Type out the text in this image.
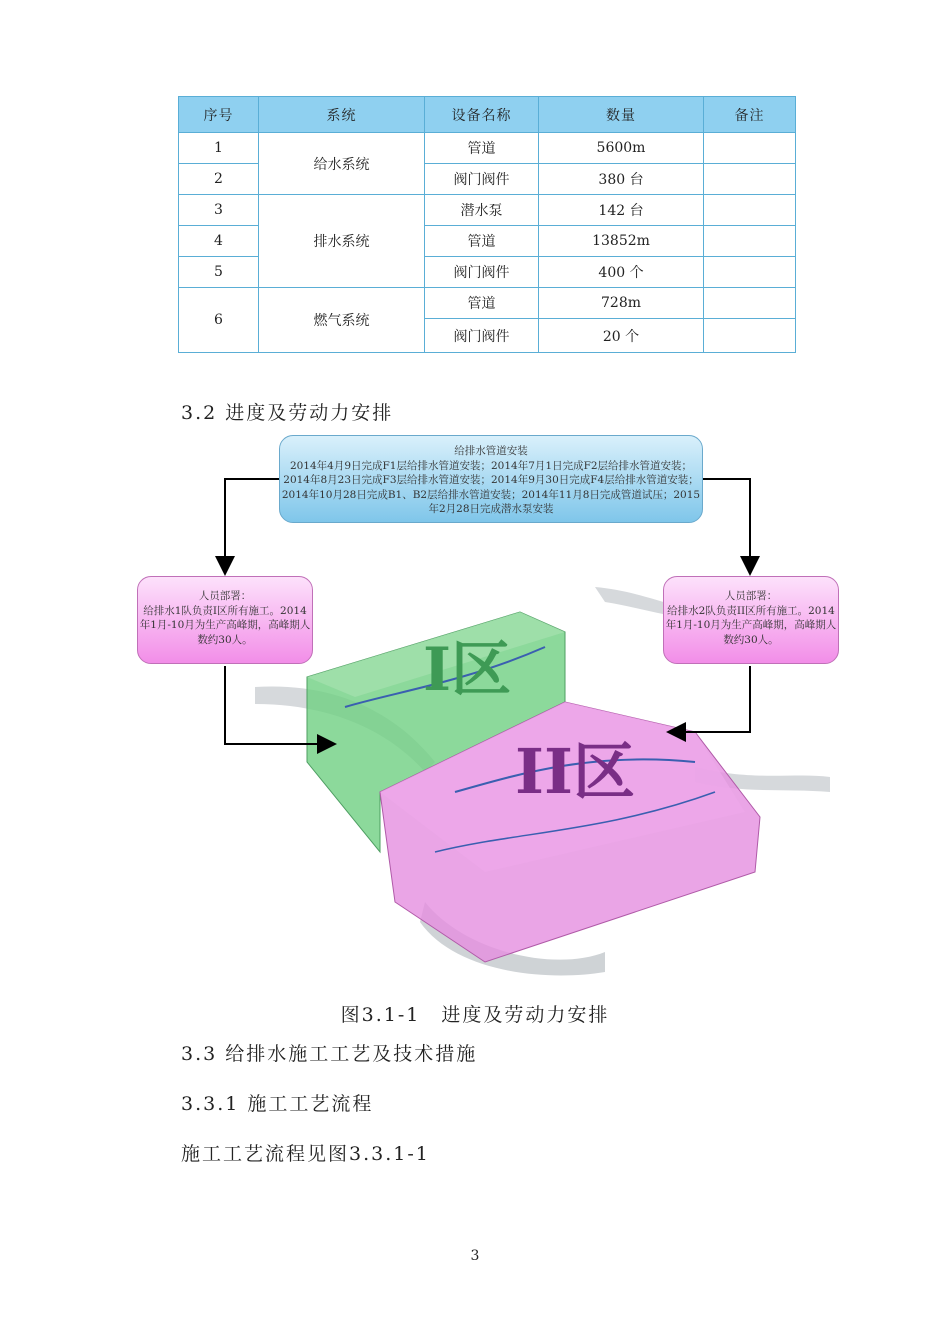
序号	系统	设备名称	数量	备注
1	给水系统	管道	5600m	
2		阀门阀件	380 台	
3	排水系统	潜水泵	142 台	
4		管道	13852m	
5		阀门阀件	400 个	
6	燃气系统	管道	728m	
		阀门阀件	20 个	
3.2 进度及劳动力安排
给排水管道安装
2014年4月9日完成F1层给排水管道安装；2014年7月1日完成F2层给排水管道安装；2014年8月23日完成F3层给排水管道安装；2014年9月30日完成F4层给排水管道安装；2014年10月28日完成B1、B2层给排水管道安装；2014年11月8日完成管道试压；2015年2月28日完成潜水泵安装
人员部署：
给排水1队负责I区所有施工。2014年1月-10月为生产高峰期，高峰期人数约30人。
人员部署：
给排水2队负责II区所有施工。2014年1月-10月为生产高峰期，高峰期人数约30人。
I区
II区
图3.1-1　进度及劳动力安排
3.3 给排水施工工艺及技术措施
3.3.1 施工工艺流程
施工工艺流程见图3.3.1-1
3
